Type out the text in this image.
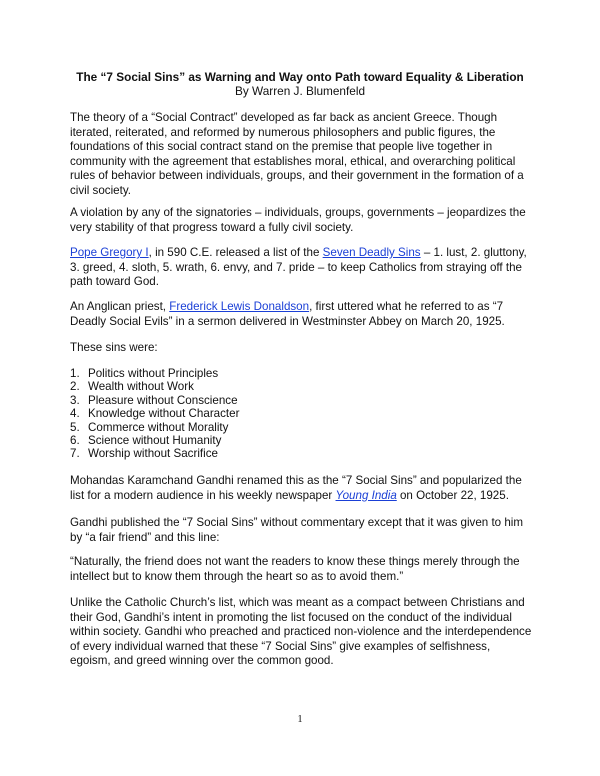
The “7 Social Sins” as Warning and Way onto Path toward Equality & Liberation
By Warren J. Blumenfeld
The theory of a “Social Contract” developed as far back as ancient Greece. Though iterated, reiterated, and reformed by numerous philosophers and public figures, the foundations of this social contract stand on the premise that people live together in community with the agreement that establishes moral, ethical, and overarching political rules of behavior between individuals, groups, and their government in the formation of a civil society.
A violation by any of the signatories – individuals, groups, governments – jeopardizes the very stability of that progress toward a fully civil society.
Pope Gregory I, in 590 C.E. released a list of the Seven Deadly Sins – 1. lust, 2. gluttony, 3. greed, 4. sloth, 5. wrath, 6. envy, and 7. pride – to keep Catholics from straying off the path toward God.
An Anglican priest, Frederick Lewis Donaldson, first uttered what he referred to as “7 Deadly Social Evils” in a sermon delivered in Westminster Abbey on March 20, 1925.
These sins were:
1. Politics without Principles
2. Wealth without Work
3. Pleasure without Conscience
4. Knowledge without Character
5. Commerce without Morality
6. Science without Humanity
7. Worship without Sacrifice
Mohandas Karamchand Gandhi renamed this as the “7 Social Sins” and popularized the list for a modern audience in his weekly newspaper Young India on October 22, 1925.
Gandhi published the “7 Social Sins” without commentary except that it was given to him by “a fair friend” and this line:
“Naturally, the friend does not want the readers to know these things merely through the intellect but to know them through the heart so as to avoid them.”
Unlike the Catholic Church’s list, which was meant as a compact between Christians and their God, Gandhi’s intent in promoting the list focused on the conduct of the individual within society. Gandhi who preached and practiced non-violence and the interdependence of every individual warned that these “7 Social Sins” give examples of selfishness, egoism, and greed winning over the common good.
1
